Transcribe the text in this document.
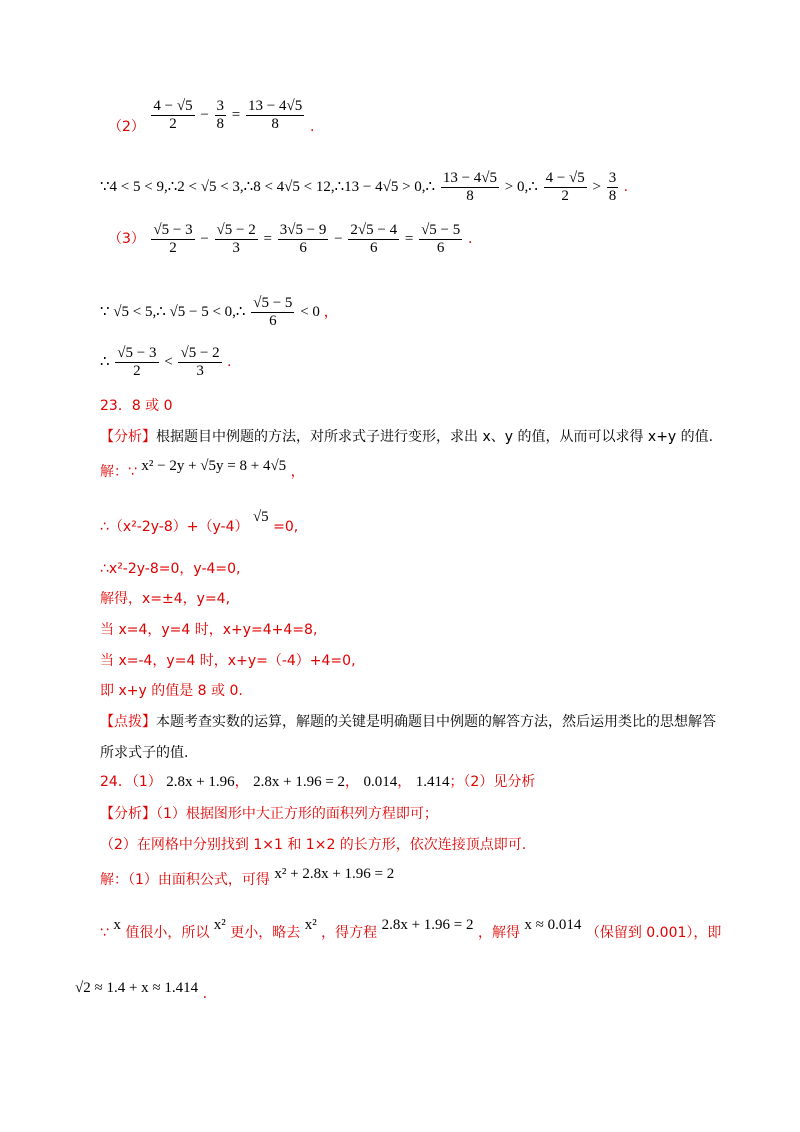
$(2) \frac{4 - √5}{2} - \frac{3}{8} = \frac{13 - 4√5}{8}$ .
∵4 < 5 < 9,∴2 < √5 < 3,∴8 < 4√5 < 12,∴13 − 4√5 > 0,∴ $\frac{13 - 4√5}{8}$ > 0,∴ $\frac{4 - √5}{2} > \frac{3}{8}$ .
$(3) \frac{√5 - 3}{2} - \frac{√5 - 2}{3} = \frac{3√5 - 9}{6} - \frac{2√5 - 4}{6} = \frac{√5 - 5}{6}$ .
∵ √5 < 5,∴ √5 − 5 < 0,∴ $\frac{√5 - 5}{6} < 0$ ，
∴ $\frac{√5 - 3}{2} < \frac{√5 - 2}{3}$ .
23．8 或 0
【分析】根据题目中例题的方法，对所求式子进行变形，求出 x、y 的值，从而可以求得 x+y 的值.
解：∵ x² − 2y + √5y = 8 + 4√5 ，
∴（x²-2y-8）+（y-4） √5 =0,
∴x²-2y-8=0，y-4=0,
解得，x=±4，y=4,
当 x=4，y=4 时，x+y=4+4=8,
当 x=-4，y=4 时，x+y=（-4）+4=0,
即 x+y 的值是 8 或 0.
【点拨】本题考查实数的运算，解题的关键是明确题目中例题的解答方法，然后运用类比的思想解答
所求式子的值.
24．（1） 2.8x + 1.96， 2.8x + 1.96 = 2， 0.014， 1.414；（2）见分析
【分析】（1）根据图形中大正方形的面积列方程即可；
（2）在网格中分别找到 1×1 和 1×2 的长方形，依次连接顶点即可.
解：（1）由面积公式，可得 x² + 2.8x + 1.96 = 2
∵ x 值很小，所以 x² 更小，略去 x² ，得方程 2.8x + 1.96 = 2 ，解得 x ≈ 0.014 （保留到 0.001），即
√2 ≈ 1.4 + x ≈ 1.414 .
